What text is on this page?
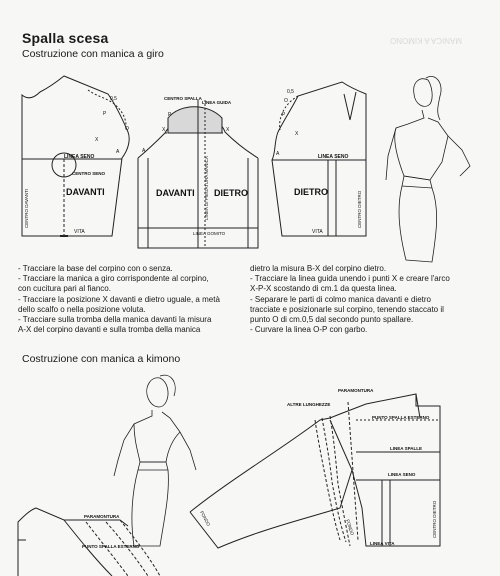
Spalla scesa
Costruzione con manica a giro
MANICA A KIMONO
0,5
X
P
O
A
LINEA SENO
CENTRO SENO
DAVANTI
CENTRO DAVANTI
VITA
CENTRO SPALLA
LINEA GUIDA
X	X
P
A
DAVANTI DIETRO
LINEA DI PIEGATURA MANICA
LINEA GOMITO
0,5
X
P
O
A	LINEA SENO
DIETRO	CENTRO DIETRO
VITA
ALTRE LUNGHEZZE
PARAMONTURA
PUNTO SPALLA ESTERNO
LINEA SPALLE
LINEA SENO
FONDO
FONDO	CENTRO DIETRO
LINEA VITA
PARAMONTURA
PUNTO SPALLA ESTERNO

- Tracciare la base del corpino con o senza.

- Tracciare la manica a giro corrispondente al corpino,

con cucitura pari al fianco.

- Tracciare la posizione X davanti e dietro uguale, a metà

dello scalfo o nella posizione voluta.

- Tracciare sulla tromba della manica davanti la misura

A-X del corpino davanti e sulla tromba della manica

dietro la misura B-X del corpino dietro.

- Tracciare la linea guida unendo i punti X e creare l'arco

X-P-X scostando di cm.1 da questa linea.

- Separare le parti di colmo manica davanti e dietro

tracciate e posizionarle sul corpino, tenendo staccato il

punto O di cm.0,5 dal secondo punto spallare.

- Curvare la linea O-P con garbo.

Costruzione con manica a kimono
